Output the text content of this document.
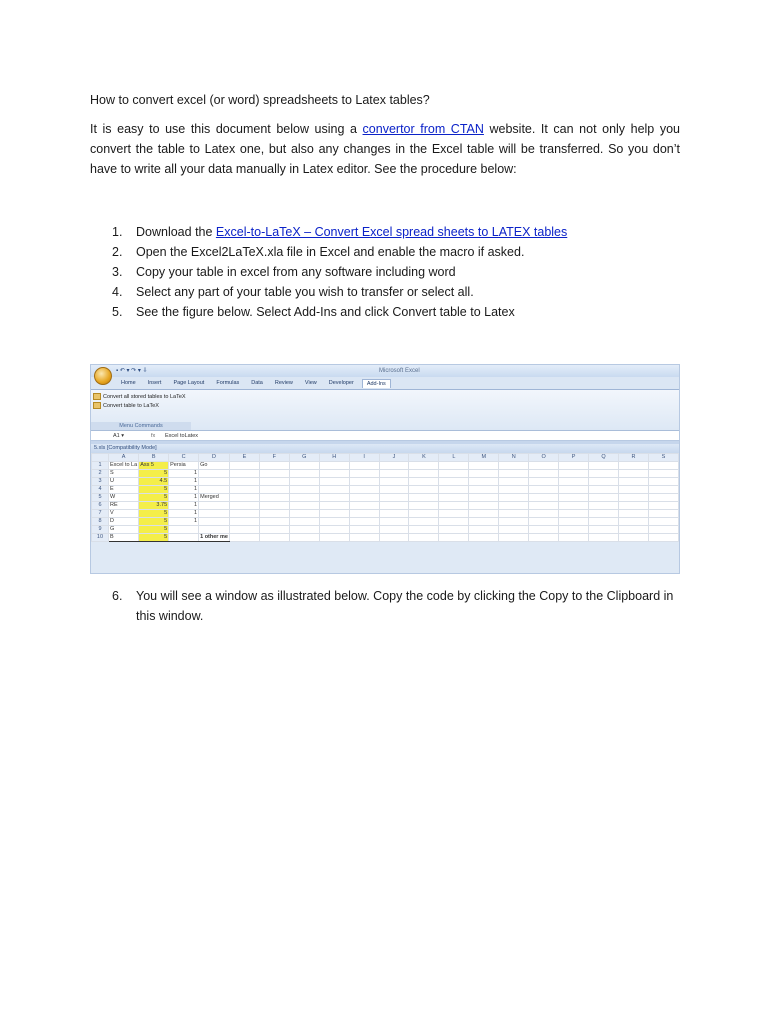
How to convert excel (or word) spreadsheets to Latex tables?
It is easy to use this document below using a convertor from CTAN website. It can not only help you convert the table to Latex one, but also any changes in the Excel table will be transferred. So you don’t have to write all your data manually in Latex editor. See the procedure below:
1.	Download the Excel-to-LaTeX – Convert Excel spread sheets to LATEX tables
2.	Open the Excel2LaTeX.xla file in Excel and enable the macro if asked.
3.	Copy your table in excel from any software including word
4.	Select any part of your table you wish to transfer or select all.
5.	See the figure below. Select Add-Ins and click Convert table to Latex
▪ ↶ ▾ ↷ ▾ ⇩	Microsoft Excel
Home	Insert	Page Layout	Formulas	Data	Review	View	Developer	Add-Ins
Convert all stored tables to LaTeX
Convert table to LaTeX
Menu Commands
A1 ▾	fx	Excel toLatex
5.xls [Compatibility Mode]
	A	B	C	D	E	F	G	H	I	J	K	L	M	N	O	P	Q	R	S
1	Excel to La	Ass 5	Persia	Go															
2	S	5	1																
3	U	4.5	1																
4	E	5	1																
5	W	5	1	Merged															
6	RE	3.75	1																
7	V	5	1																
8	D	5	1																
9	G	5																	
10	B	5		1 other me															
6.	You will see a window as illustrated below. Copy the code by clicking the Copy to the Clipboard in this window.
